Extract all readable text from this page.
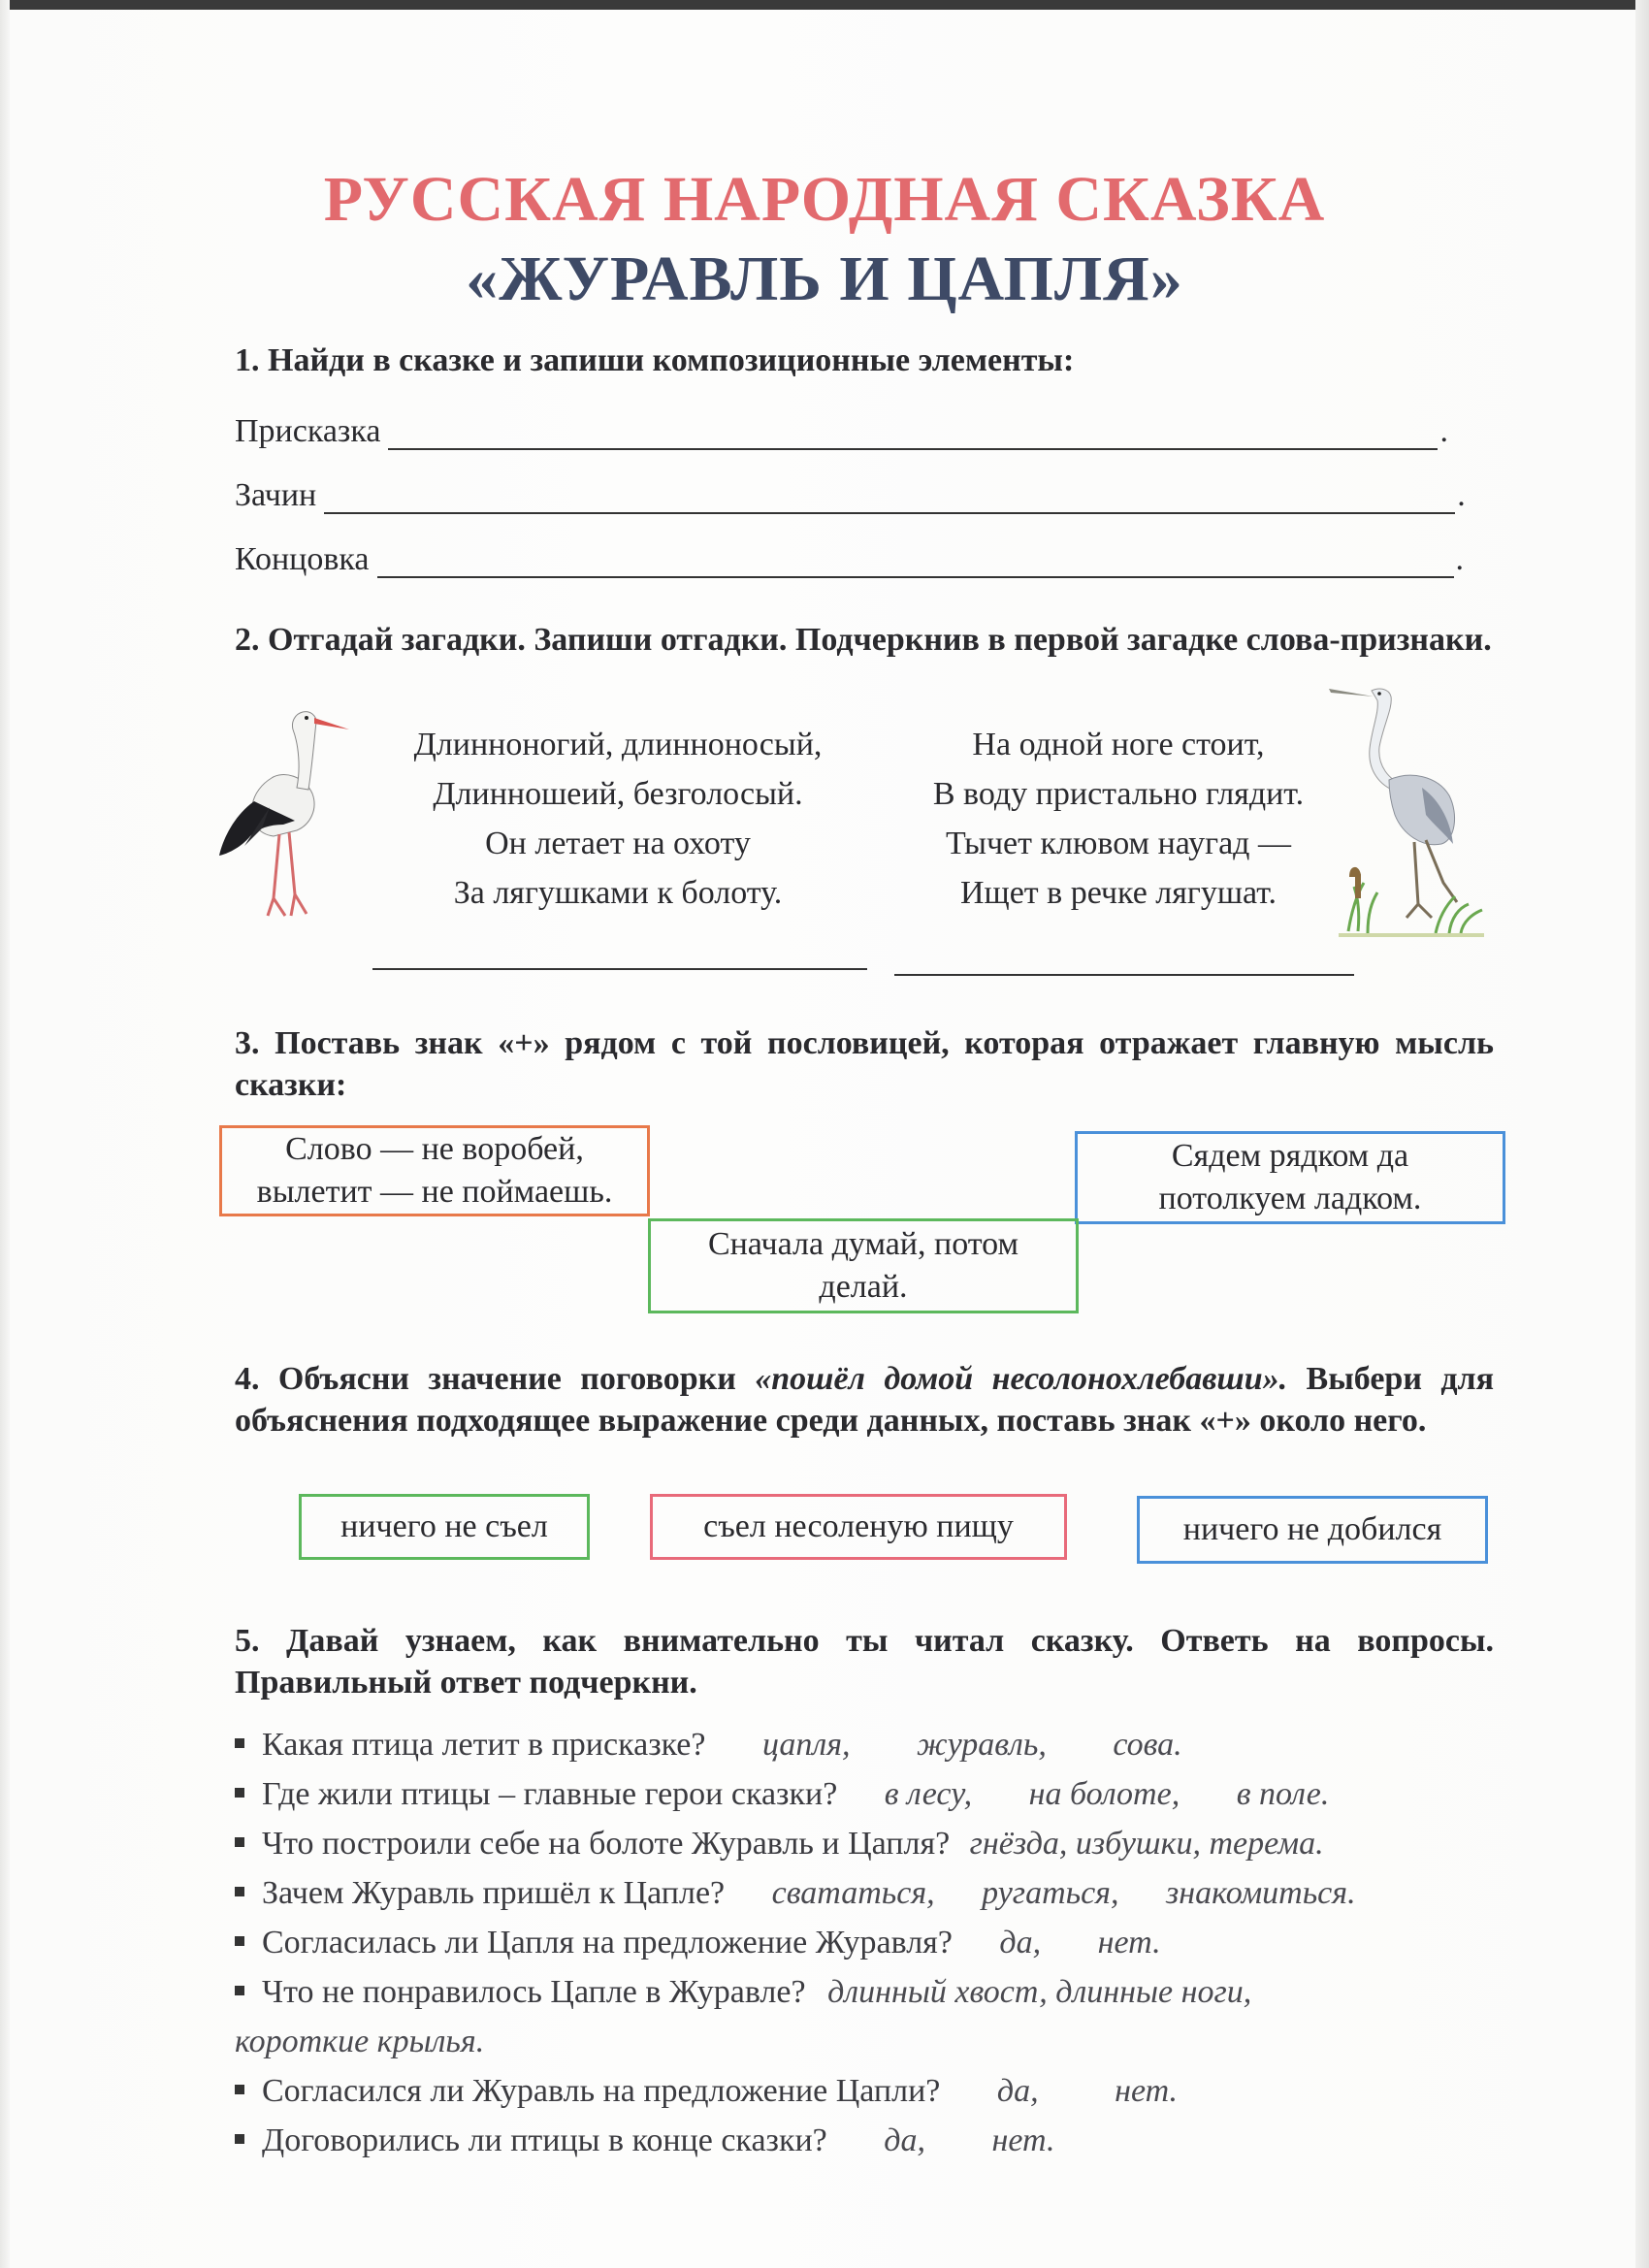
РУССКАЯ НАРОДНАЯ СКАЗКА
«ЖУРАВЛЬ И ЦАПЛЯ»
1. Найди в сказке и запиши композиционные элементы:
Присказка	.
Зачин	.
Концовка	.
2. Отгадай загадки. Запиши отгадки. Подчеркнив в первой загадке слова-признаки.
Длинноногий, длинноносый,
Длинношеий, безголосый.
Он летает на охоту
За лягушками к болоту.
На одной ноге стоит,
В воду пристально глядит.
Тычет клювом наугад —
Ищет в речке лягушат.
3. Поставь знак «+» рядом с той пословицей, которая отражает главную мысль сказки:
Слово — не воробей,
вылетит — не поймаешь.
Сядем рядком да
потолкуем ладком.
Сначала думай, потом
делай.
4. Объясни значение поговорки «пошёл домой несолонохлебавши». Выбери для объяснения подходящее выражение среди данных, поставь знак «+» около него.
ничего не съел	съел несоленую пищу	ничего не добился
5. Давай узнаем, как внимательно ты читал сказку. Ответь на вопросы. Правильный ответ подчеркни.
Какая птица летит в присказке? цапля, журавль, сова.
Где жили птицы – главные герои сказки? в лесу, на болоте, в поле.
Что построили себе на болоте Журавль и Цапля? гнёзда, избушки, терема.
Зачем Журавль пришёл к Цапле? свататься, ругаться, знакомиться.
Согласилась ли Цапля на предложение Журавля? да, нет.
Что не понравилось Цапле в Журавле? длинный хвост, длинные ноги,
короткие крылья.
Согласился ли Журавль на предложение Цапли? да, нет.
Договорились ли птицы в конце сказки? да, нет.
